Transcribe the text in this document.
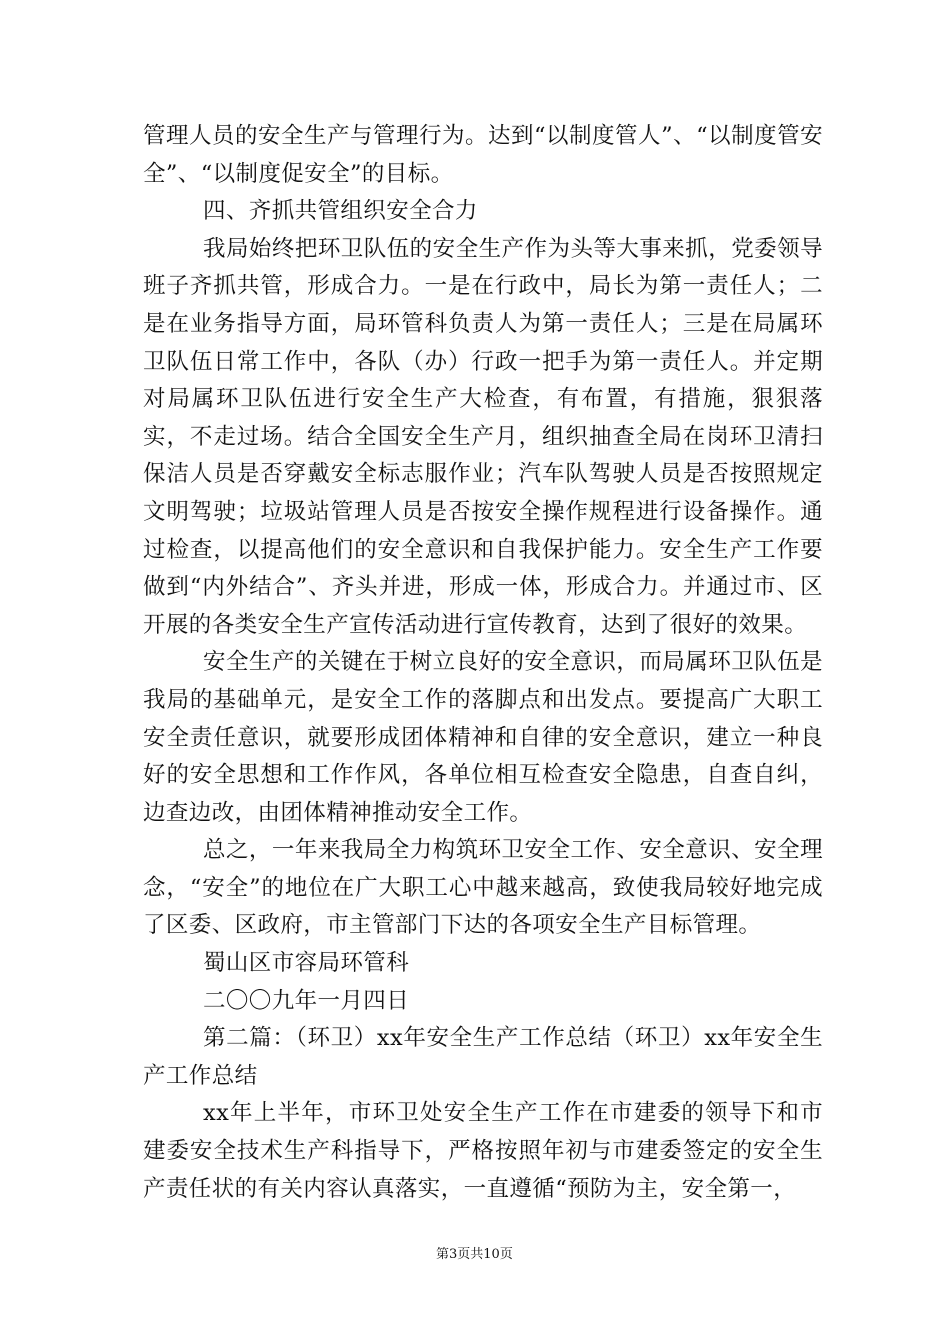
管理人员的安全生产与管理行为。达到“以制度管人”、“以制度管安全”、“以制度促安全”的目标。

四、齐抓共管组织安全合力

我局始终把环卫队伍的安全生产作为头等大事来抓，党委领导班子齐抓共管，形成合力。一是在行政中，局长为第一责任人；二是在业务指导方面，局环管科负责人为第一责任人；三是在局属环卫队伍日常工作中，各队（办）行政一把手为第一责任人。并定期对局属环卫队伍进行安全生产大检查，有布置，有措施，狠狠落实，不走过场。结合全国安全生产月，组织抽查全局在岗环卫清扫保洁人员是否穿戴安全标志服作业；汽车队驾驶人员是否按照规定文明驾驶；垃圾站管理人员是否按安全操作规程进行设备操作。通过检查，以提高他们的安全意识和自我保护能力。安全生产工作要做到“内外结合”、齐头并进，形成一体，形成合力。并通过市、区开展的各类安全生产宣传活动进行宣传教育，达到了很好的效果。

安全生产的关键在于树立良好的安全意识，而局属环卫队伍是我局的基础单元，是安全工作的落脚点和出发点。要提高广大职工安全责任意识，就要形成团体精神和自律的安全意识，建立一种良好的安全思想和工作作风，各单位相互检查安全隐患，自查自纠，边查边改，由团体精神推动安全工作。

总之，一年来我局全力构筑环卫安全工作、安全意识、安全理念，“安全”的地位在广大职工心中越来越高，致使我局较好地完成了区委、区政府，市主管部门下达的各项安全生产目标管理。

蜀山区市容局环管科

二〇〇九年一月四日

第二篇：（环卫）xx年安全生产工作总结（环卫）xx年安全生产工作总结

xx年上半年，市环卫处安全生产工作在市建委的领导下和市建委安全技术生产科指导下，严格按照年初与市建委签定的安全生产责任状的有关内容认真落实，一直遵循“预防为主，安全第一，

第3页共10页
